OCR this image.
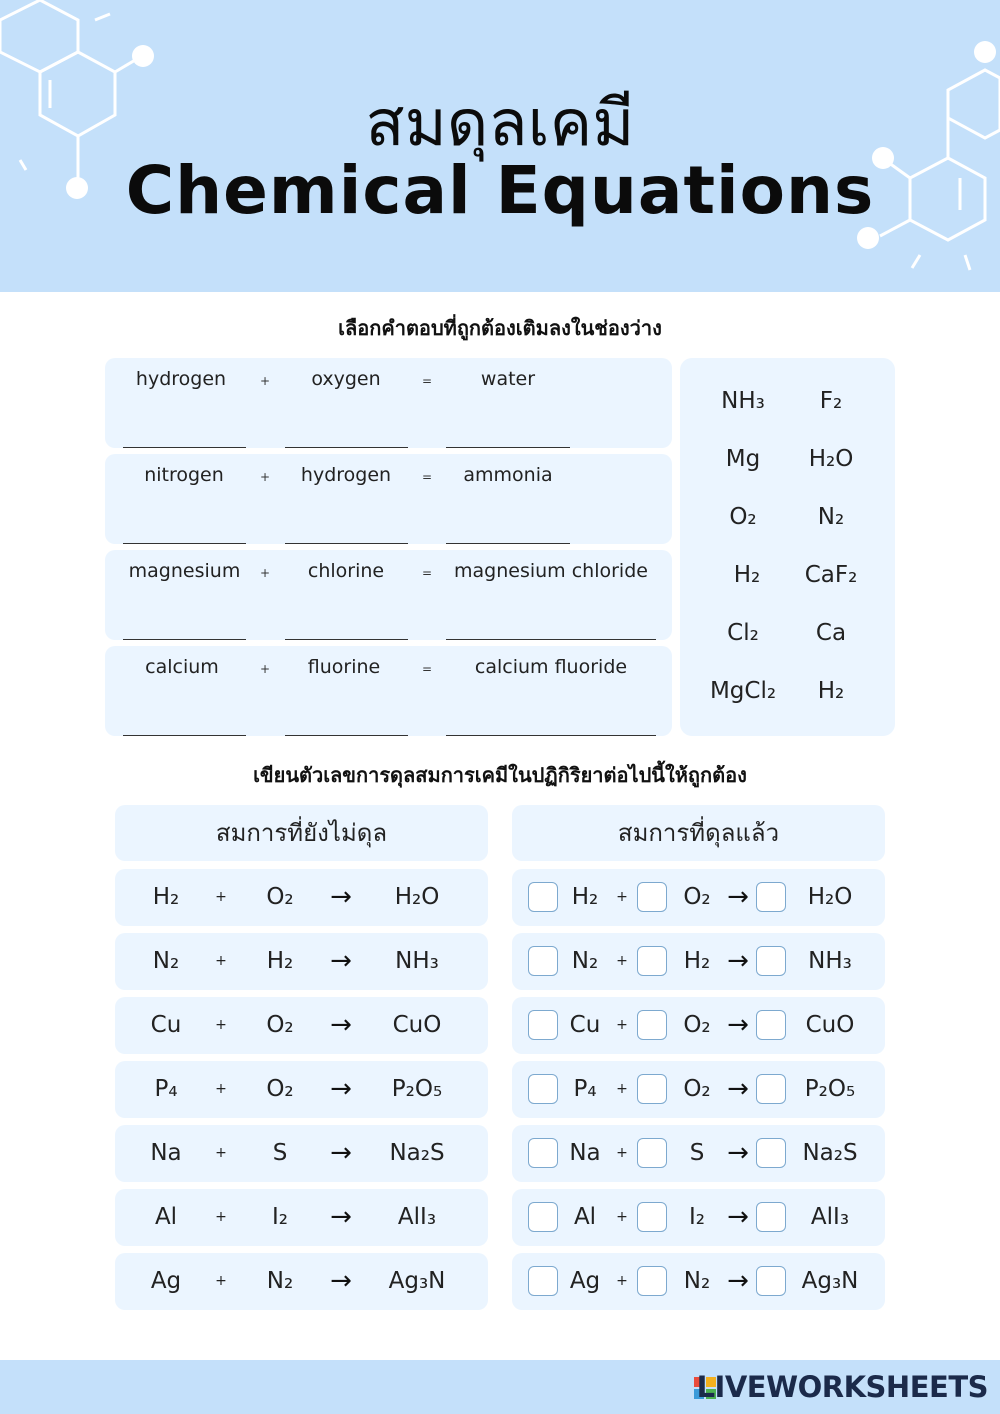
สมดุลเคมี
Chemical Equations
เลือกคำตอบที่ถูกต้องเติมลงในช่องว่าง
hydrogen	+	oxygen	=	water
nitrogen	+	hydrogen	=	ammonia
magnesium	+	chlorine	=	magnesium chloride
calcium	+	fluorine	=	calcium fluoride
NH₃	F₂
Mg	H₂O
O₂	N₂
H₂	CaF₂
Cl₂	Ca
MgCl₂	H₂
เขียนตัวเลขการดุลสมการเคมีในปฏิกิริยาต่อไปนี้ให้ถูกต้อง
สมการที่ยังไม่ดุล	สมการที่ดุลแล้ว
H₂	+	O₂	→	H₂O	H₂	+	O₂ →	H₂O
N₂	+	H₂	→	NH₃	N₂	+	H₂ →	NH₃
Cu	+	O₂	→	CuO	Cu	+	O₂ →	CuO
P₄	+	O₂	→	P₂O₅	P₄	+	O₂ →	P₂O₅
Na	+	S	→	Na₂S	Na	+	S →	Na₂S
Al	+	I₂	→	AlI₃	Al	+	I₂ →	AlI₃
Ag	+	N₂	→	Ag₃N	Ag	+	N₂ →	Ag₃N
LIVEWORKSHEETS
